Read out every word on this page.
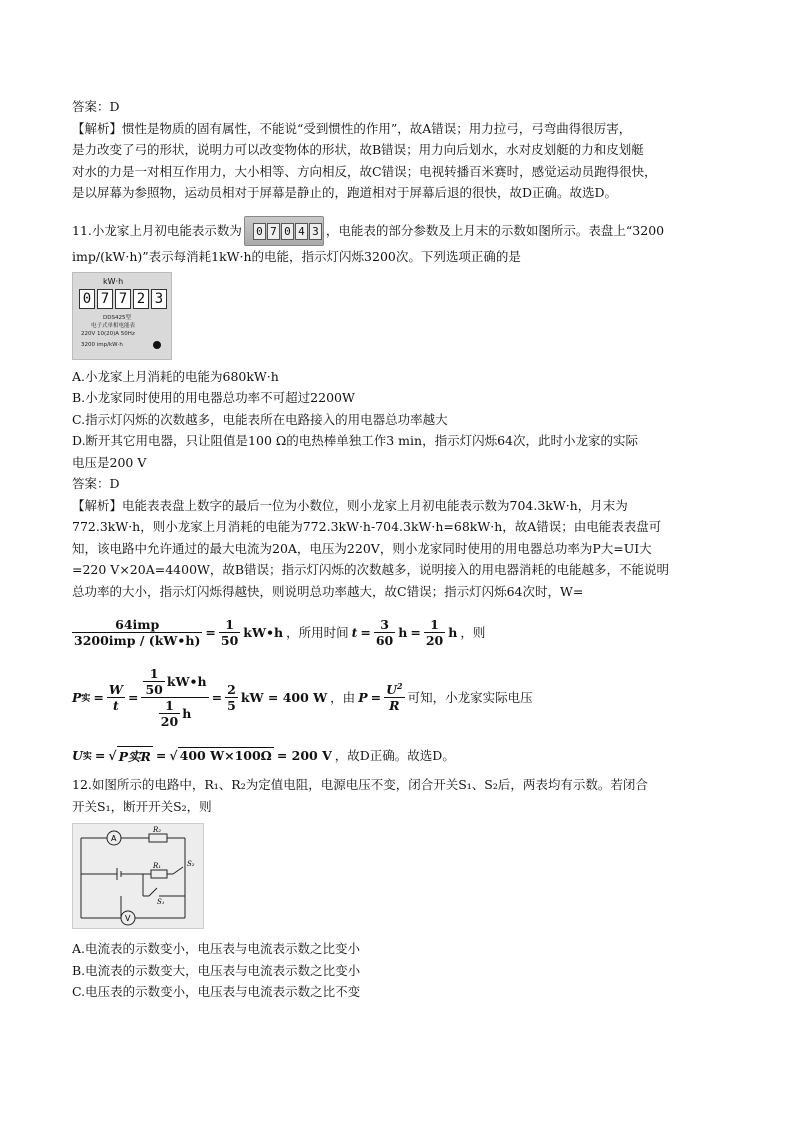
答案：D
【解析】惯性是物质的固有属性，不能说“受到惯性的作用”，故A错误；用力拉弓，弓弯曲得很厉害，
是力改变了弓的形状，说明力可以改变物体的形状，故B错误；用力向后划水，水对皮划艇的力和皮划艇
对水的力是一对相互作用力，大小相等、方向相反，故C错误；电视转播百米赛时，感觉运动员跑得很快，
是以屏幕为参照物，运动员相对于屏幕是静止的，跑道相对于屏幕后退的很快，故D正确。故选D。
11.小龙家上月初电能表示数为 0 7 0 4 3 ，电能表的部分参数及上月末的示数如图所示。表盘上“3200
imp/(kW·h)”表示每消耗1kW·h的电能，指示灯闪烁3200次。下列选项正确的是
kW·h
0 7 7 2 3
DDS425型
电子式单相电能表
220V 10(20)A 50Hz
3200 imp/kW·h
A.小龙家上月消耗的电能为680kW·h
B.小龙家同时使用的用电器总功率不可超过2200W
C.指示灯闪烁的次数越多，电能表所在电路接入的用电器总功率越大
D.断开其它用电器，只让阻值是100 Ω的电热棒单独工作3 min，指示灯闪烁64次，此时小龙家的实际
电压是200 V
答案：D
【解析】电能表表盘上数字的最后一位为小数位，则小龙家上月初电能表示数为704.3kW·h，月末为
772.3kW·h，则小龙家上月消耗的电能为772.3kW·h-704.3kW·h=68kW·h，故A错误；由电能表表盘可
知，该电路中允许通过的最大电流为20A，电压为220V，则小龙家同时使用的用电器总功率为P大=UI大
=220 V×20A=4400W，故B错误；指示灯闪烁的次数越多，说明接入的用电器消耗的电能越多，不能说明
总功率的大小，指示灯闪烁得越快，则说明总功率越大，故C错误；指示灯闪烁64次时，W=
$\frac{\text{64imp}}{\text{3200imp / (kW•h)}} = \frac{1}{50}$ kW•h ，所用时间 $t = \frac{3}{60}$ $h = \frac{1}{20}$ h ，则
P 实 = $\frac{W}{t} = \frac{\frac{1}{50} kW•h}{\frac{1}{20} h} = \frac{2}{5}$ kW = 400 W ，由 $P = \frac{U^2}{R}$ 可知，小龙家实际电压
U 实 = √ P实R = √ 400 W×100Ω = 200 V ，故D正确。故选D。
12.如图所示的电路中，R₁、R₂为定值电阻，电源电压不变，闭合开关S₁、S₂后，两表均有示数。若闭合
开关S₁，断开开关S₂，则
A
V
R₂
R₁	S₂
S₁
A.电流表的示数变小，电压表与电流表示数之比变小
B.电流表的示数变大，电压表与电流表示数之比变小
C.电压表的示数变小，电压表与电流表示数之比不变
